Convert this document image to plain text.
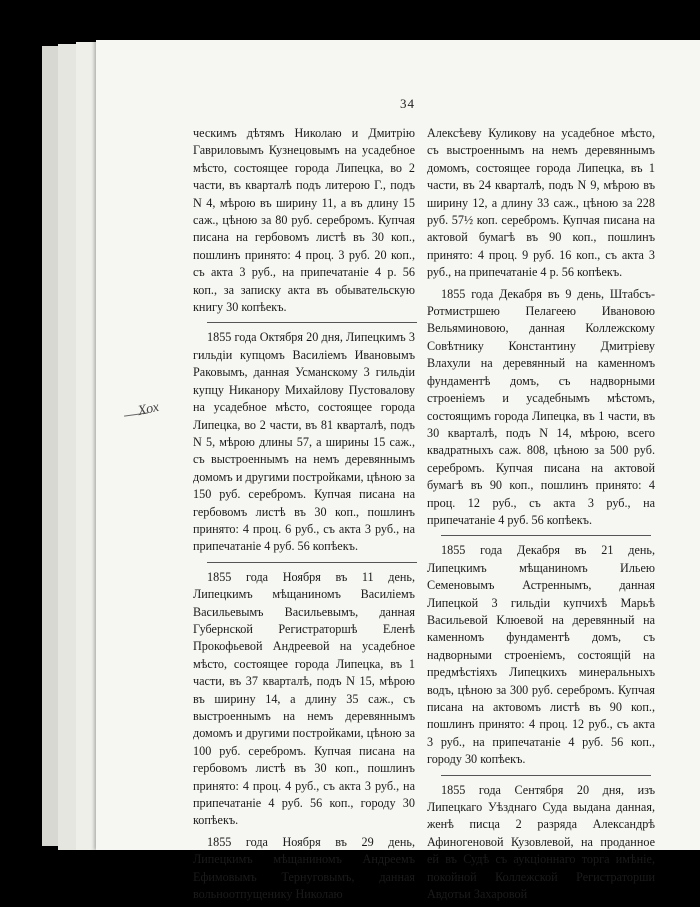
34
Хох

ческимъ дѣтямъ Николаю и Дмитрію Гавриловымъ Кузнецовымъ на усадебное мѣсто, состоящее города Липецка, во 2 части, въ кварталѣ подъ литерою Г., подъ N 4, мѣрою въ ширину 11, а въ длину 15 саж., цѣною за 80 руб. серебромъ. Купчая писана на гербовомъ листѣ въ 30 коп., пошлинъ принято: 4 проц. 3 руб. 20 коп., съ акта 3 руб., на припечатаніе 4 р. 56 коп., за записку акта въ обывательскую книгу 30 копѣекъ.

1855 года Октября 20 дня, Липецкимъ 3 гильдіи купцомъ Василіемъ Ивановымъ Раковымъ, данная Усманскому 3 гильдіи купцу Никанору Михайлову Пустовалову на усадебное мѣсто, состоящее города Липецка, во 2 части, въ 81 кварталѣ, подъ N 5, мѣрою длины 57, а ширины 15 саж., съ выстроеннымъ на немъ деревяннымъ домомъ и другими постройками, цѣною за 150 руб. серебромъ. Купчая писана на гербовомъ листѣ въ 30 коп., пошлинъ принято: 4 проц. 6 руб., съ акта 3 руб., на припечатаніе 4 руб. 56 копѣекъ.

1855 года Ноября въ 11 день, Липецкимъ мѣщаниномъ Василіемъ Васильевымъ Васильевымъ, данная Губернской Регистраторшѣ Еленѣ Прокофьевой Андреевой на усадебное мѣсто, состоящее города Липецка, въ 1 части, въ 37 кварталѣ, подъ N 15, мѣрою въ ширину 14, а длину 35 саж., съ выстроеннымъ на немъ деревяннымъ домомъ и другими постройками, цѣною за 100 руб. серебромъ. Купчая писана на гербовомъ листѣ въ 30 коп., пошлинъ принято: 4 проц. 4 руб., съ акта 3 руб., на припечатаніе 4 руб. 56 коп., городу 30 копѣекъ.

1855 года Ноября въ 29 день, Липецкимъ мѣщаниномъ Андреемъ Ефимовымъ Тернуговымъ, данная вольноотпущенику Николаю

Алексѣеву Куликову на усадебное мѣсто, съ выстроеннымъ на немъ деревяннымъ домомъ, состоящее города Липецка, въ 1 части, въ 24 кварталѣ, подъ N 9, мѣрою въ ширину 12, а длину 33 саж., цѣною за 228 руб. 57½ коп. серебромъ. Купчая писана на актовой бумагѣ въ 90 коп., пошлинъ принято: 4 проц. 9 руб. 16 коп., съ акта 3 руб., на припечатаніе 4 р. 56 копѣекъ.

1855 года Декабря въ 9 день, Штабсъ-Ротмистршею Пелагеею Ивановою Вельяминовою, данная Коллежскому Совѣтнику Константину Дмитріеву Влахули на деревянный на каменномъ фундаментѣ домъ, съ надворными строеніемъ и усадебнымъ мѣстомъ, состоящимъ города Липецка, въ 1 части, въ 30 кварталѣ, подъ N 14, мѣрою, всего квадратныхъ саж. 808, цѣною за 500 руб. серебромъ. Купчая писана на актовой бумагѣ въ 90 коп., пошлинъ принято: 4 проц. 12 руб., съ акта 3 руб., на припечатаніе 4 руб. 56 копѣекъ.

1855 года Декабря въ 21 день, Липецкимъ мѣщаниномъ Ильею Семеновымъ Астреннымъ, данная Липецкой 3 гильдіи купчихѣ Марьѣ Васильевой Клюевой на деревянный на каменномъ фундаментѣ домъ, съ надворными строеніемъ, состоящій на предмѣстіяхъ Липецкихъ минеральныхъ водъ, цѣною за 300 руб. серебромъ. Купчая писана на актовомъ листѣ въ 90 коп., пошлинъ принято: 4 проц. 12 руб., съ акта 3 руб., на припечатаніе 4 руб. 56 коп., городу 30 копѣекъ.

1855 года Сентября 20 дня, изъ Липецкаго Уѣзднаго Суда выдана данная, женѣ писца 2 разряда Александрѣ Афиногеновой Кузовлевой, на проданное ей въ Судѣ съ аукціоннаго торга имѣніе, покойной Коллежской Регистраторши Авдотьи Захаровой
